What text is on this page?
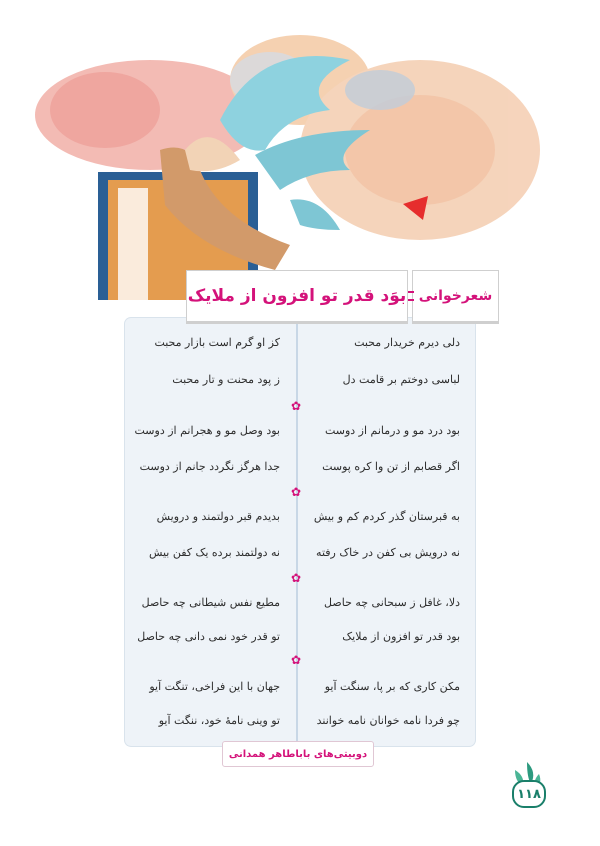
✿
✿
✿
✿
دلی دیرم خریدار محبت
لباسی دوختم بر قامت دل
بود درد مو و درمانم از دوست
اگر قصابم از تن وا کره پوست
به قبرستان گذر کردم کم و بیش
نه درویش بی کفن در خاک رفته
دلا، غافل ز سبحانی چه حاصل
بود قدر تو افزون از ملایک
مکن کاری که بر پا، سنگت آیو
چو فردا نامه خوانان نامه خوانند
کز او گرم است بازار محبت
ز پود محنت و تار محبت
بود وصل مو و هجرانم از دوست
جدا هرگز نگردد جانم از دوست
بدیدم قبر دولتمند و درویش
نه دولتمند برده یک کفن بیش
مطیع نفس شیطانی چه حاصل
تو قدر خود نمی دانی چه حاصل
جهان با این فراخی، تنگت آیو
تو وینی نامهٔ خود، ننگت آیو
شعرخوانی
بوَد قدر تو افزون از ملایک
دوبیتی‌های باباطاهر همدانی
۱۱۸
